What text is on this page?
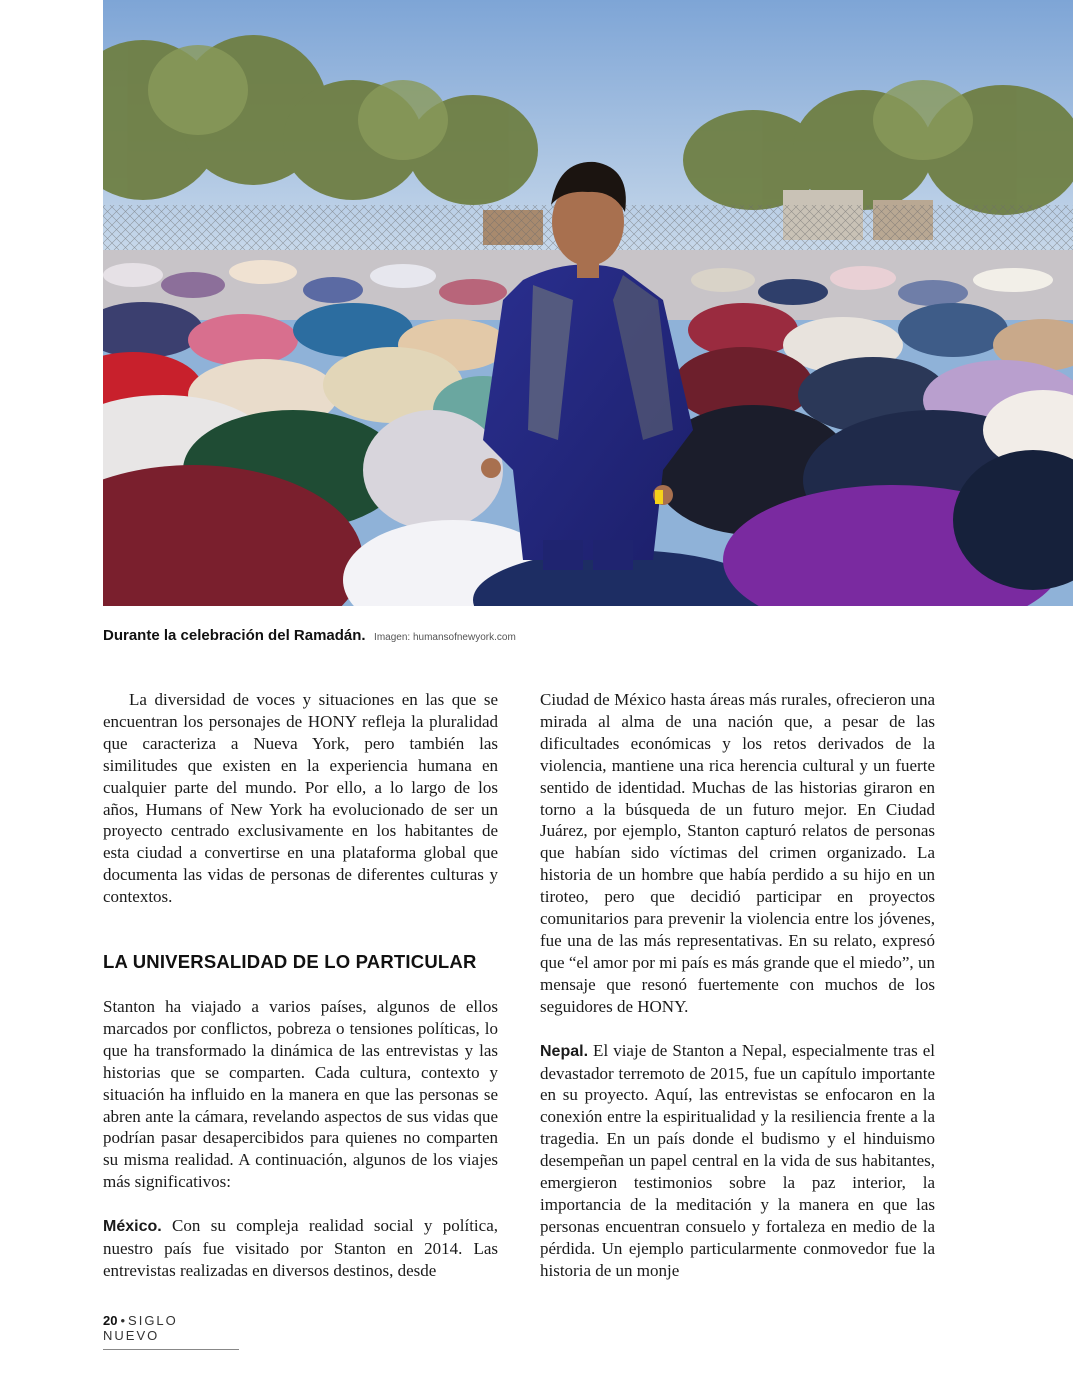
Durante la celebración del Ramadán. Imagen: humansofnewyork.com

La diversidad de voces y situaciones en las que se encuentran los personajes de HONY refleja la pluralidad que caracteriza a Nueva York, pero también las similitudes que existen en la experiencia humana en cualquier parte del mundo. Por ello, a lo largo de los años, Humans of New York ha evolucionado de ser un proyecto centrado exclusivamente en los habitantes de esta ciudad a convertirse en una plataforma global que documenta las vidas de personas de diferentes culturas y contextos.

LA UNIVERSALIDAD DE LO PARTICULAR

Stanton ha viajado a varios países, algunos de ellos marcados por conflictos, pobreza o tensiones políticas, lo que ha transformado la dinámica de las entrevistas y las historias que se comparten. Cada cultura, contexto y situación ha influido en la manera en que las personas se abren ante la cámara, revelando aspectos de sus vidas que podrían pasar desapercibidos para quienes no comparten su misma realidad. A continuación, algunos de los viajes más significativos:

México. Con su compleja realidad social y política, nuestro país fue visitado por Stanton en 2014. Las entrevistas realizadas en diversos destinos, desde

Ciudad de México hasta áreas más rurales, ofrecieron una mirada al alma de una nación que, a pesar de las dificultades económicas y los retos derivados de la violencia, mantiene una rica herencia cultural y un fuerte sentido de identidad. Muchas de las historias giraron en torno a la búsqueda de un futuro mejor. En Ciudad Juárez, por ejemplo, Stanton capturó relatos de personas que habían sido víctimas del crimen organizado. La historia de un hombre que había perdido a su hijo en un tiroteo, pero que decidió participar en proyectos comunitarios para prevenir la violencia entre los jóvenes, fue una de las más representativas. En su relato, expresó que “el amor por mi país es más grande que el miedo”, un mensaje que resonó fuertemente con muchos de los seguidores de HONY.

Nepal. El viaje de Stanton a Nepal, especialmente tras el devastador terremoto de 2015, fue un capítulo importante en su proyecto. Aquí, las entrevistas se enfocaron en la conexión entre la espiritualidad y la resiliencia frente a la tragedia. En un país donde el budismo y el hinduismo desempeñan un papel central en la vida de sus habitantes, emergieron testimonios sobre la paz interior, la importancia de la meditación y la manera en que las personas encuentran consuelo y fortaleza en medio de la pérdida. Un ejemplo particularmente conmovedor fue la historia de un monje

20 • SIGLO NUEVO
